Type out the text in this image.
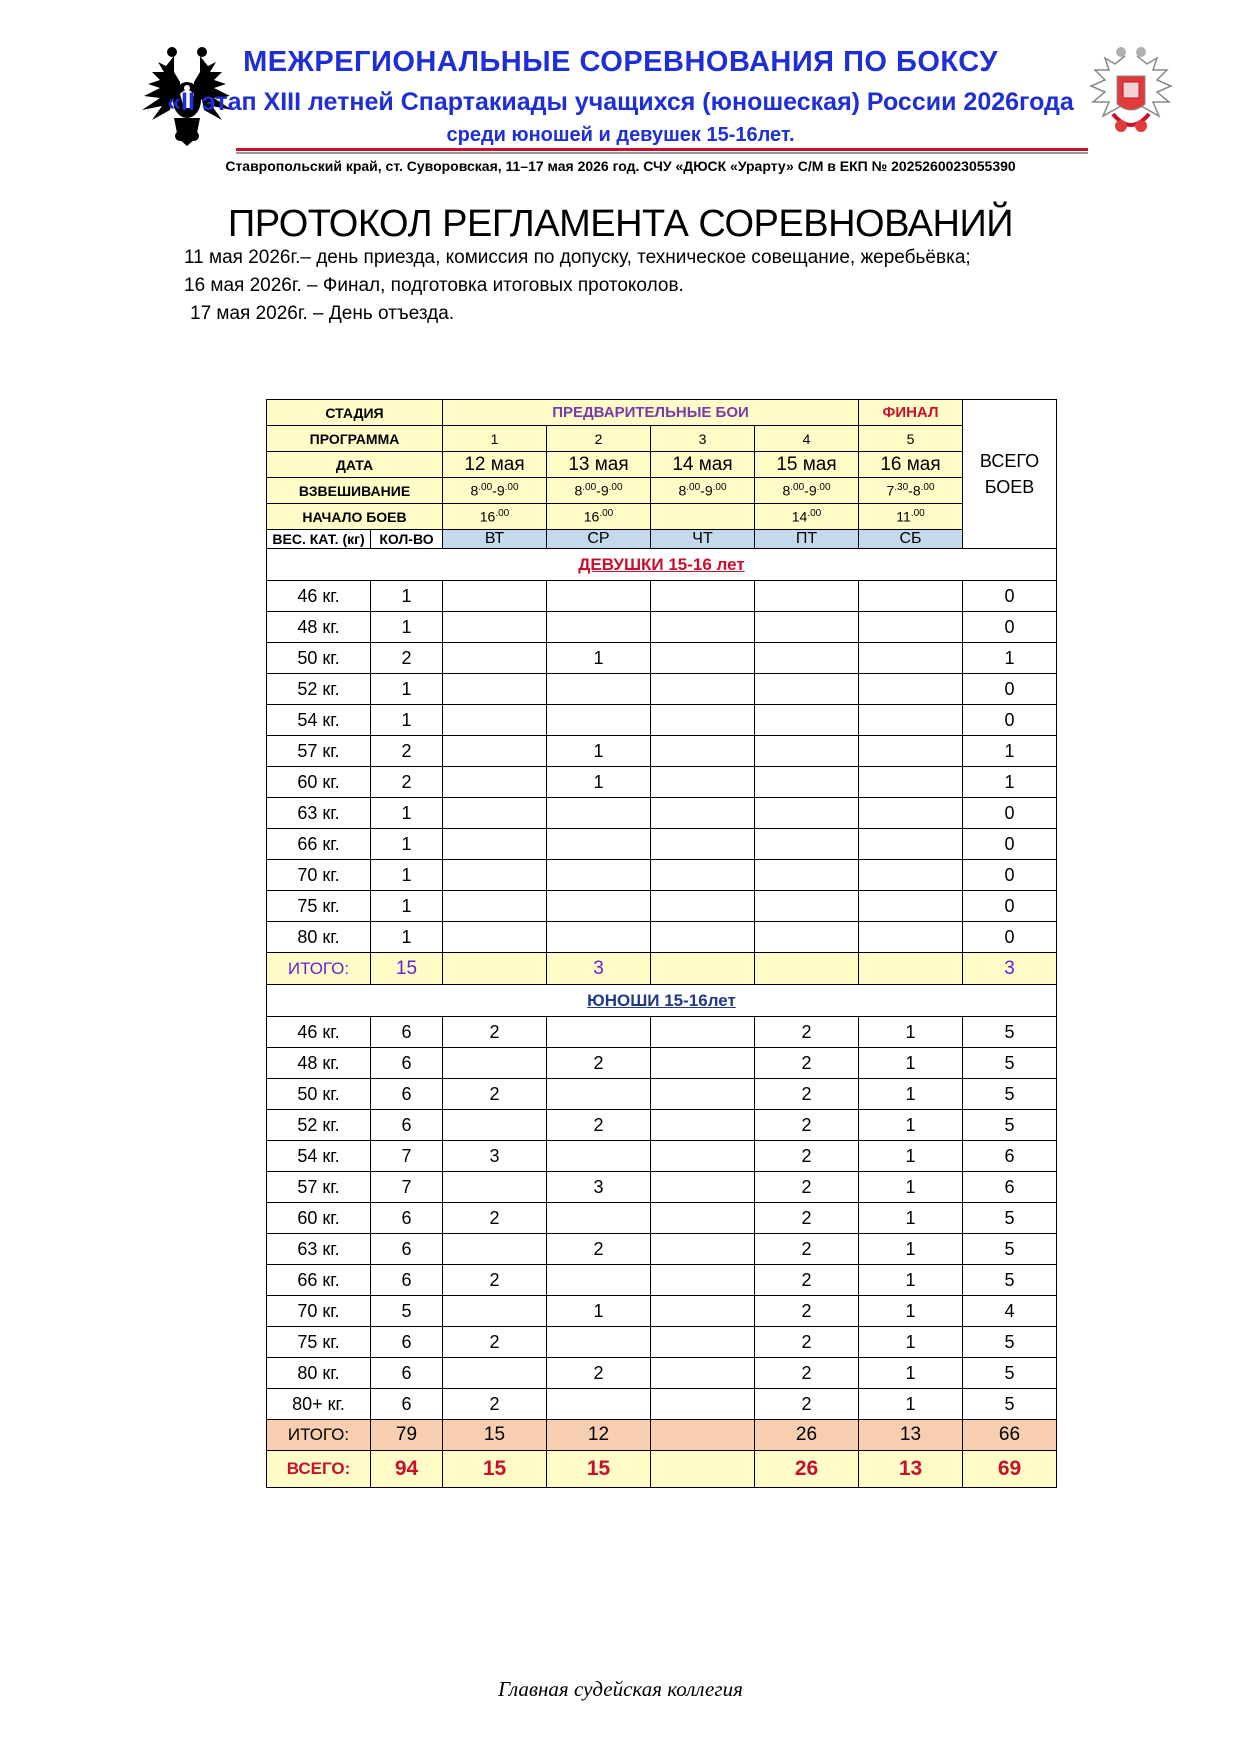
МЕЖРЕГИОНАЛЬНЫЕ СОРЕВНОВАНИЯ ПО БОКСУ
«II этап XIII летней Спартакиады учащихся (юношеская) России 2026года
среди юношей и девушек 15-16лет.
Ставропольский край, ст. Суворовская, 11–17 мая 2026 год. СЧУ «ДЮСК «Урарту» С/М в ЕКП № 2025260023055390
ПРОТОКОЛ РЕГЛАМЕНТА СОРЕВНОВАНИЙ
11 мая 2026г.– день приезда, комиссия по допуску, техническое совещание, жеребьёвка;
16 мая 2026г. – Финал, подготовка итоговых протоколов.
17 мая 2026г. – День отъезда.
СТАДИЯ		ПРЕДВАРИТЕЛЬНЫЕ БОИ				ФИНАЛ	ВСЕГО
БОЕВ
ПРОГРАММА		1	2	3	4	5	
ДАТА		12 мая	13 мая	14 мая	15 мая	16 мая	
ВЗВЕШИВАНИЕ		$8^{.00}-9^{.00}$	$8^{.00}-9^{.00}$	$8^{.00}-9^{.00}$	$8^{.00}-9^{.00}$	$7^{.30}-8^{.00}$
НАЧАЛО БОЕВ		$16^{.00}$	$16^{.00}$		$14^{.00}$	$11^{.00}$
ВЕС. КАТ. (кг)	КОЛ-ВО	ВТ	СР	ЧТ	ПТ	СБ	
ДЕВУШКИ 15-16 лет							
46 кг.	1						0
48 кг.	1						0
50 кг.	2		1				1
52 кг.	1						0
54 кг.	1						0
57 кг.	2		1				1
60 кг.	2		1				1
63 кг.	1						0
66 кг.	1						0
70 кг.	1						0
75 кг.	1						0
80 кг.	1						0
ИТОГО:	15		3				3
ЮНОШИ 15-16лет							
46 кг.	6	2			2	1	5
48 кг.	6		2		2	1	5
50 кг.	6	2			2	1	5
52 кг.	6		2		2	1	5
54 кг.	7	3			2	1	6
57 кг.	7		3		2	1	6
60 кг.	6	2			2	1	5
63 кг.	6		2		2	1	5
66 кг.	6	2			2	1	5
70 кг.	5		1		2	1	4
75 кг.	6	2			2	1	5
80 кг.	6		2		2	1	5
80+ кг.	6	2			2	1	5
ИТОГО:	79	15	12		26	13	66
ВСЕГО:	94	15	15		26	13	69
Главная судейская коллегия
